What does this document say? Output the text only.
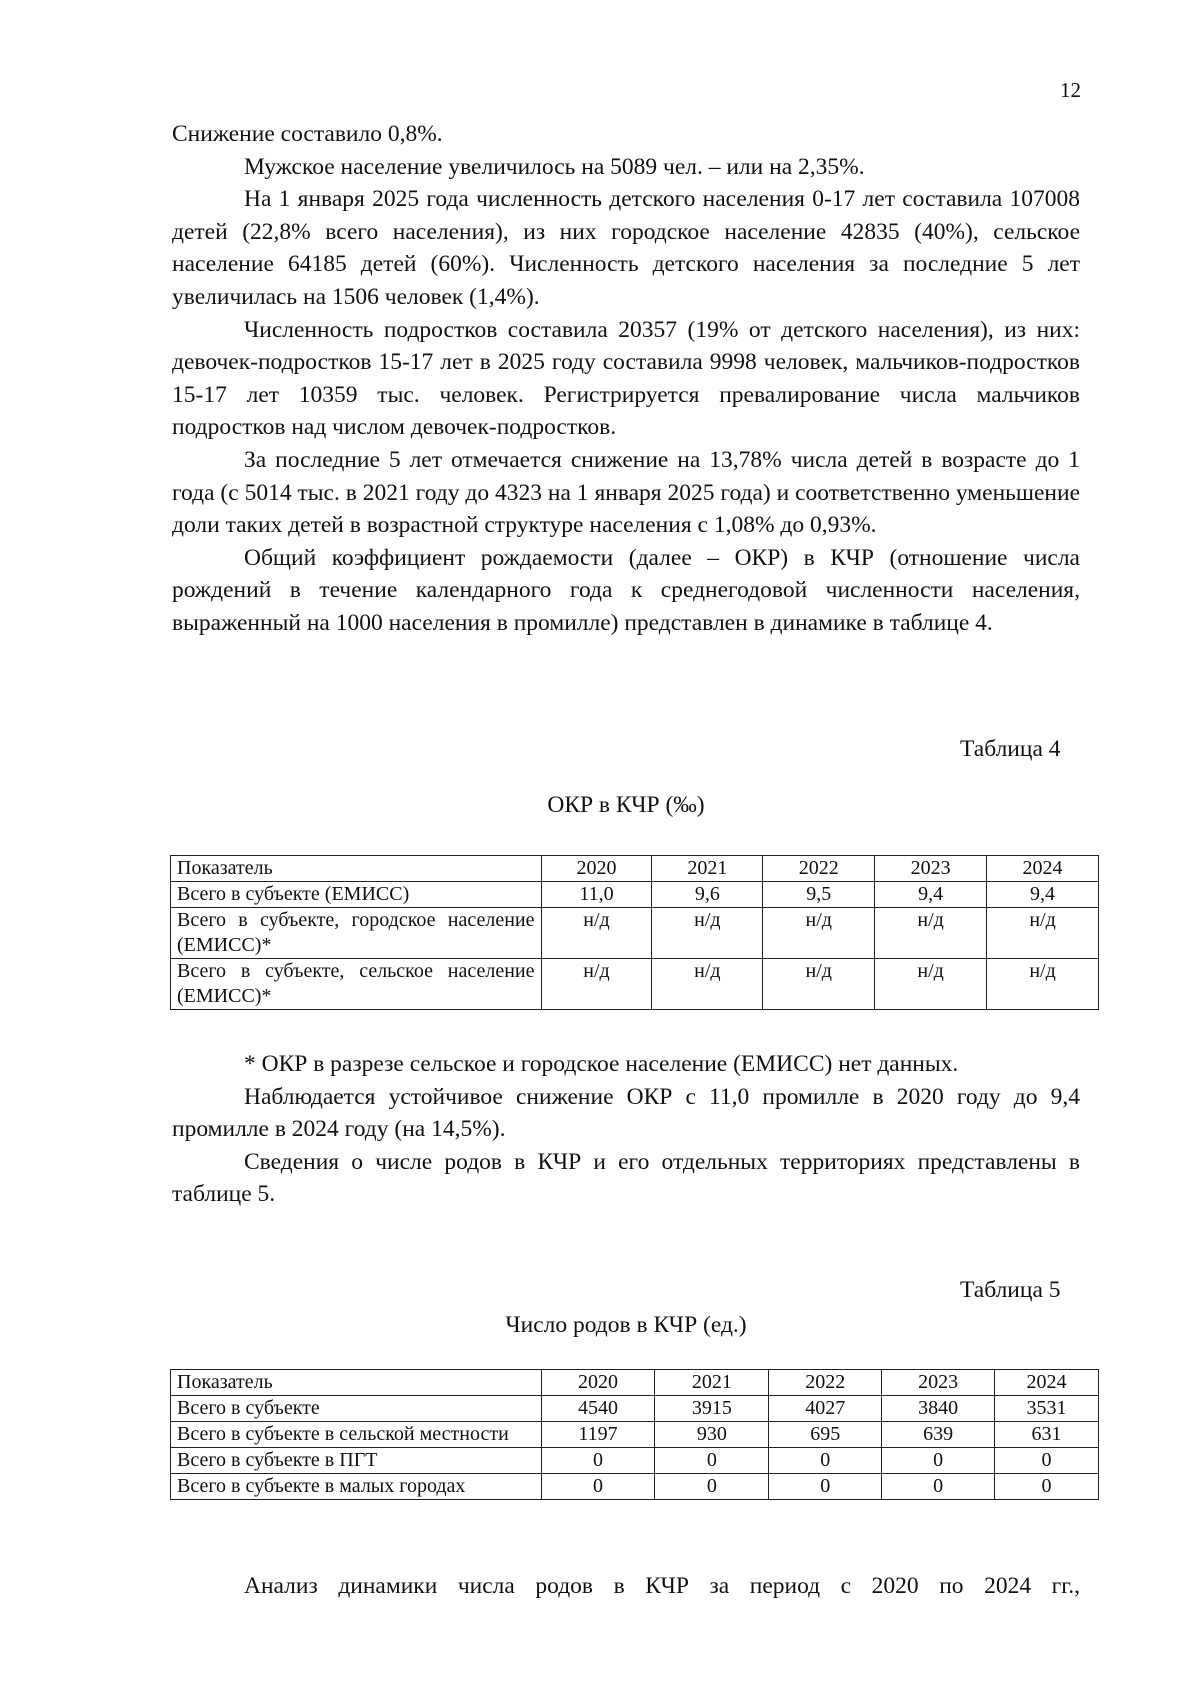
12

Снижение составило 0,8%.

Мужское население увеличилось на 5089 чел. – или на 2,35%.

На 1 января 2025 года численность детского населения 0-17 лет составила 107008 детей (22,8% всего населения), из них городское население 42835 (40%), сельское население 64185 детей (60%). Численность детского населения за последние 5 лет увеличилась на 1506 человек (1,4%).

Численность подростков составила 20357 (19% от детского населения), из них: девочек-подростков 15-17 лет в 2025 году составила 9998 человек, мальчиков-подростков 15-17 лет 10359 тыс. человек. Регистрируется превалирование числа мальчиков подростков над числом девочек-подростков.

За последние 5 лет отмечается снижение на 13,78% числа детей в возрасте до 1 года (с 5014 тыс. в 2021 году до 4323 на 1 января 2025 года) и соответственно уменьшение доли таких детей в возрастной структуре населения с 1,08% до 0,93%.

Общий коэффициент рождаемости (далее – ОКР) в КЧР (отношение числа рождений в течение календарного года к среднегодовой численности населения, выраженный на 1000 населения в промилле) представлен в динамике в таблице 4.

Таблица 4
ОКР в КЧР (‰)
Показатель	2020	2021	2022	2023	2024
Всего в субъекте (ЕМИСС)	11,0	9,6	9,5	9,4	9,4
Всего в субъекте, городское население (ЕМИСС)*	н/д	н/д	н/д	н/д	н/д
Всего в субъекте, сельское население (ЕМИСС)*	н/д	н/д	н/д	н/д	н/д

* ОКР в разрезе сельское и городское население (ЕМИСС) нет данных.

Наблюдается устойчивое снижение ОКР с 11,0 промилле в 2020 году до 9,4 промилле в 2024 году (на 14,5%).

Сведения о числе родов в КЧР и его отдельных территориях представлены в таблице 5.

Таблица 5
Число родов в КЧР (ед.)
Показатель	2020	2021	2022	2023	2024
Всего в субъекте	4540	3915	4027	3840	3531
Всего в субъекте в сельской местности	1197	930	695	639	631
Всего в субъекте в ПГТ	0	0	0	0	0
Всего в субъекте в малых городах	0	0	0	0	0

Анализ динамики числа родов в КЧР за период с 2020 по 2024 гг.,
